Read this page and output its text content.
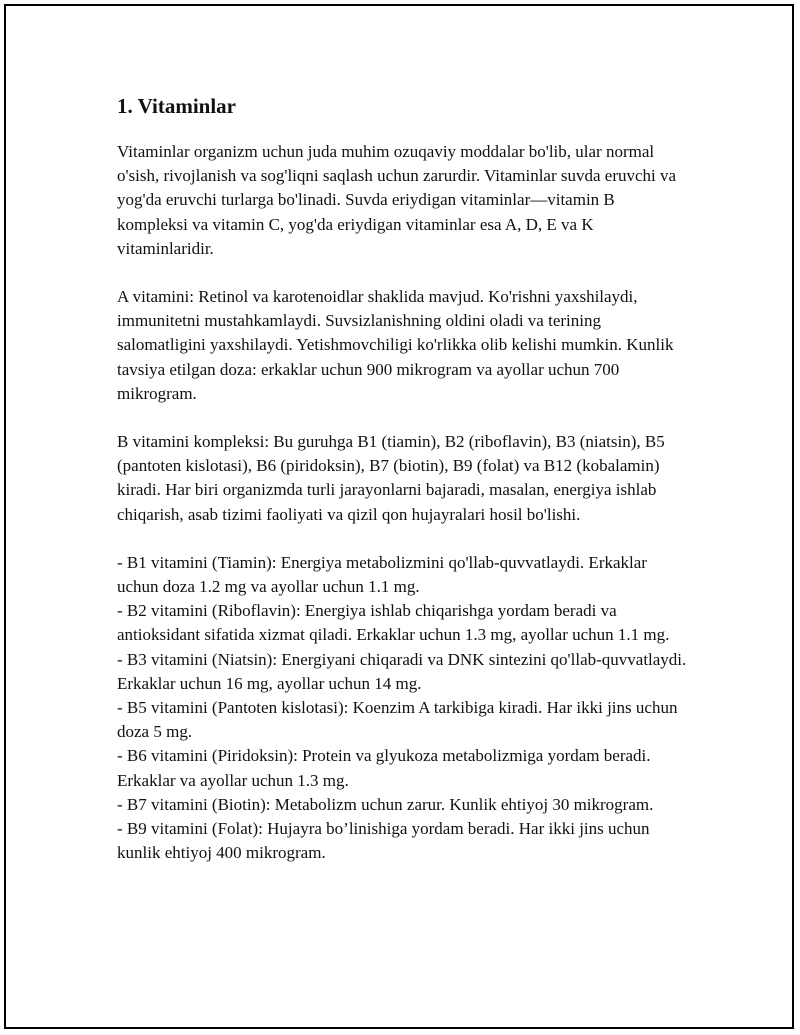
1. Vitaminlar

Vitaminlar organizm uchun juda muhim ozuqaviy moddalar bo'lib, ular normal o'sish, rivojlanish va sog'liqni saqlash uchun zarurdir. Vitaminlar suvda eruvchi va yog'da eruvchi turlarga bo'linadi. Suvda eriydigan vitaminlar—vitamin B kompleksi va vitamin C, yog'da eriydigan vitaminlar esa A, D, E va K vitaminlaridir.

A vitamini: Retinol va karotenoidlar shaklida mavjud. Ko'rishni yaxshilaydi, immunitetni mustahkamlaydi. Suvsizlanishning oldini oladi va terining salomatligini yaxshilaydi. Yetishmovchiligi ko'rlikka olib kelishi mumkin. Kunlik tavsiya etilgan doza: erkaklar uchun 900 mikrogram va ayollar uchun 700 mikrogram.

B vitamini kompleksi: Bu guruhga B1 (tiamin), B2 (riboflavin), B3 (niatsin), B5 (pantoten kislotasi), B6 (piridoksin), B7 (biotin), B9 (folat) va B12 (kobalamin) kiradi. Har biri organizmda turli jarayonlarni bajaradi, masalan, energiya ishlab chiqarish, asab tizimi faoliyati va qizil qon hujayralari hosil bo'lishi.

- B1 vitamini (Tiamin): Energiya metabolizmini qo'llab-quvvatlaydi. Erkaklar uchun doza 1.2 mg va ayollar uchun 1.1 mg.

- B2 vitamini (Riboflavin): Energiya ishlab chiqarishga yordam beradi va antioksidant sifatida xizmat qiladi. Erkaklar uchun 1.3 mg, ayollar uchun 1.1 mg.

- B3 vitamini (Niatsin): Energiyani chiqaradi va DNK sintezini qo'llab-quvvatlaydi. Erkaklar uchun 16 mg, ayollar uchun 14 mg.

- B5 vitamini (Pantoten kislotasi): Koenzim A tarkibiga kiradi. Har ikki jins uchun doza 5 mg.

- B6 vitamini (Piridoksin): Protein va glyukoza metabolizmiga yordam beradi. Erkaklar va ayollar uchun 1.3 mg.

- B7 vitamini (Biotin): Metabolizm uchun zarur. Kunlik ehtiyoj 30 mikrogram.

- B9 vitamini (Folat): Hujayra bo’linishiga yordam beradi. Har ikki jins uchun kunlik ehtiyoj 400 mikrogram.
